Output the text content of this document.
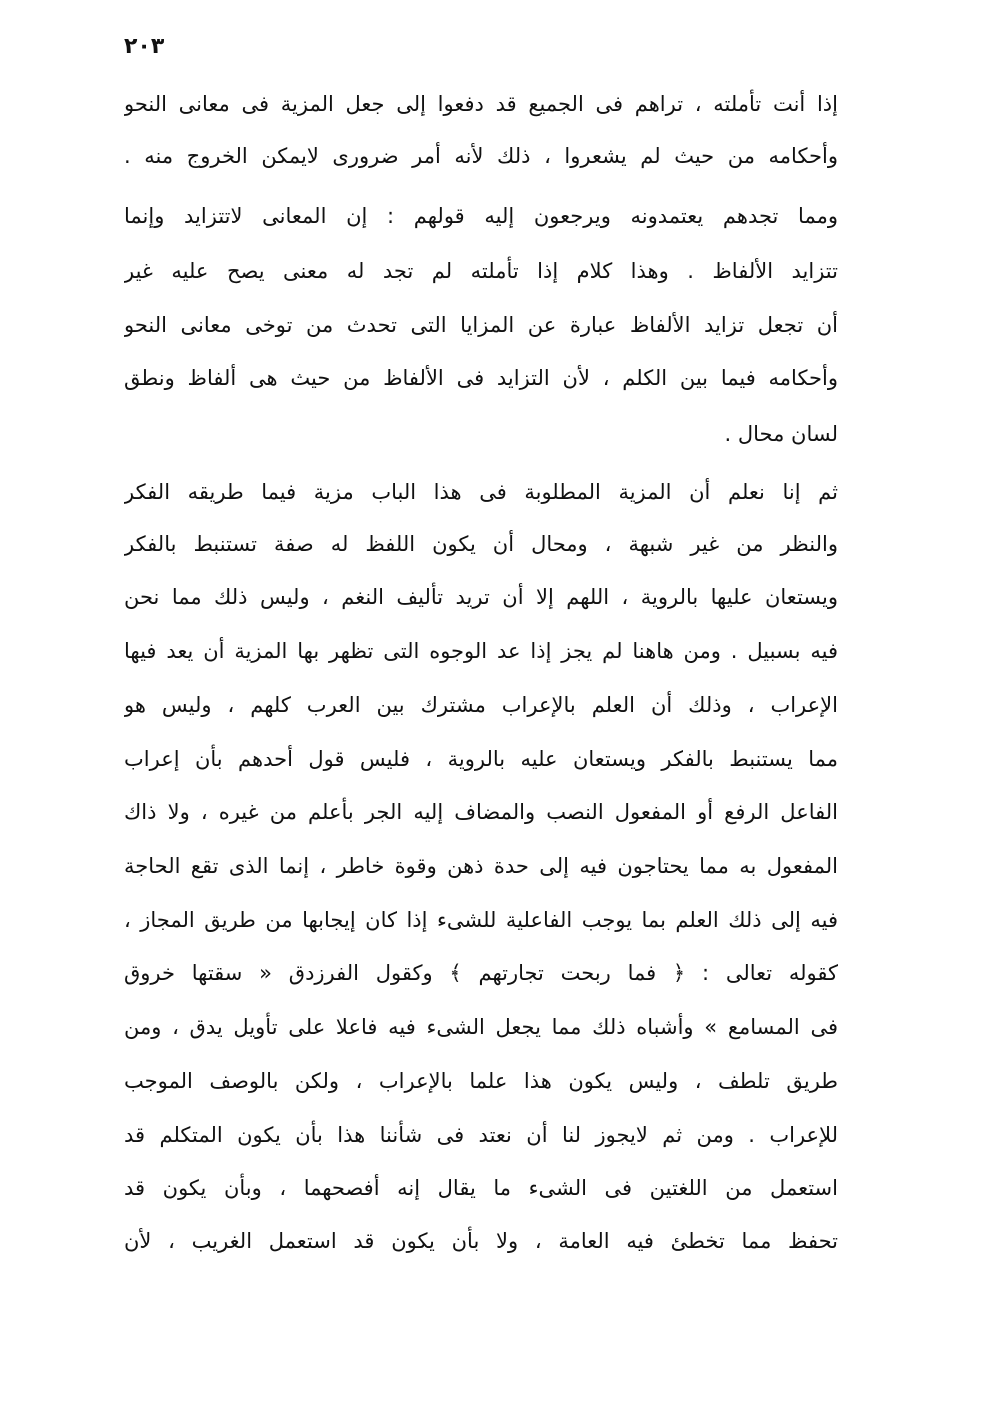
٢٠٣
إذا أنت تأملته ، تراهم فى الجميع قد دفعوا إلى جعل المزية فى معانى النحو
وأحكامه من حيث لم يشعروا ، ذلك لأنه أمر ضرورى لايمكن الخروج منه .
ومما تجدهم يعتمدونه ويرجعون إليه قولهم : إن المعانى لاتتزايد وإنما
تتزايد الألفاظ . وهذا كلام إذا تأملته لم تجد له معنى يصح عليه غير
أن تجعل تزايد الألفاظ عبارة عن المزايا التى تحدث من توخى معانى النحو
وأحكامه فيما بين الكلم ، لأن التزايد فى الألفاظ من حيث هى ألفاظ ونطق
لسان محال .
ثم إنا نعلم أن المزية المطلوبة فى هذا الباب مزية فيما طريقه الفكر
والنظر من غير شبهة ، ومحال أن يكون اللفظ له صفة تستنبط بالفكر
ويستعان عليها بالروية ، اللهم إلا أن تريد تأليف النغم ، وليس ذلك مما نحن
فيه بسبيل . ومن هاهنا لم يجز إذا عد الوجوه التى تظهر بها المزية أن يعد فيها
الإعراب ، وذلك أن العلم بالإعراب مشترك بين العرب كلهم ، وليس هو
مما يستنبط بالفكر ويستعان عليه بالروية ، فليس قول أحدهم بأن إعراب
الفاعل الرفع أو المفعول النصب والمضاف إليه الجر بأعلم من غيره ، ولا ذاك
المفعول به مما يحتاجون فيه إلى حدة ذهن وقوة خاطر ، إنما الذى تقع الحاجة
فيه إلى ذلك العلم بما يوجب الفاعلية للشىء إذا كان إيجابها من طريق المجاز ،
كقوله تعالى : ﴿ فما ربحت تجارتهم ﴾ وكقول الفرزدق « سقتها خروق
فى المسامع » وأشباه ذلك مما يجعل الشىء فيه فاعلا على تأويل يدق ، ومن
طريق تلطف ، وليس يكون هذا علما بالإعراب ، ولكن بالوصف الموجب
للإعراب . ومن ثم لايجوز لنا أن نعتد فى شأننا هذا بأن يكون المتكلم قد
استعمل من اللغتين فى الشىء ما يقال إنه أفصحهما ، وبأن يكون قد
تحفظ مما تخطئ فيه العامة ، ولا بأن يكون قد استعمل الغريب ، لأن
